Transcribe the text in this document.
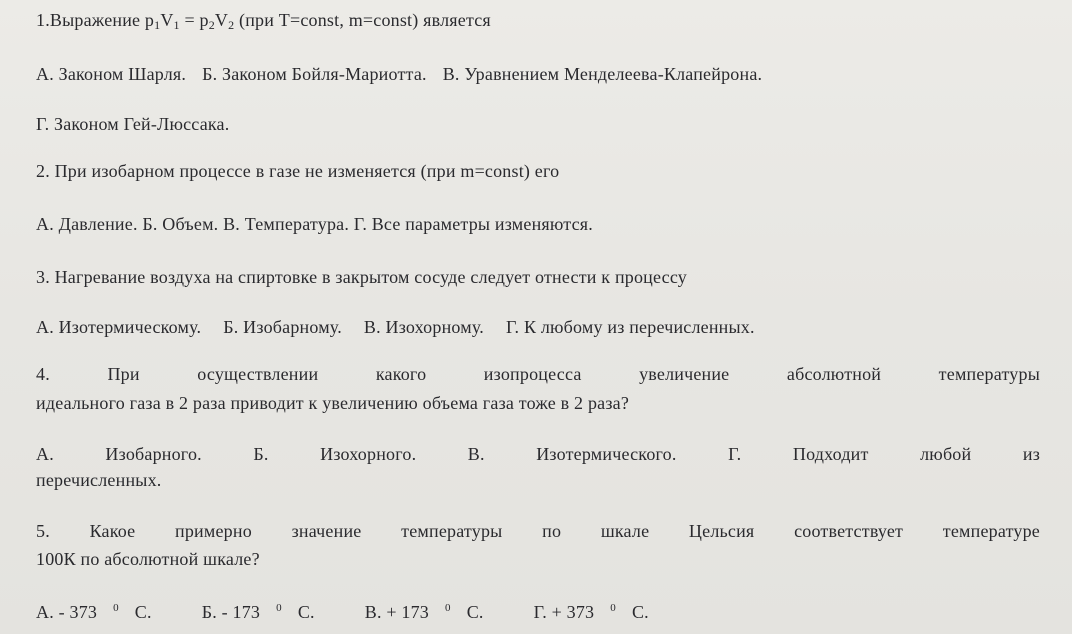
1.Выражение $p_1V_1 = p_2V_2$ (при T=const, m=const) является
А. Законом Шарля. Б. Законом Бойля-Мариотта. В. Уравнением Менделеева-Клапейрона.
Г. Законом Гей-Люссака.
2. При изобарном процессе в газе не изменяется (при m=const) его
А. Давление. Б. Объем. В. Температура. Г. Все параметры изменяются.
3. Нагревание воздуха на спиртовке в закрытом сосуде следует отнести к процессу
А. Изотермическому. Б. Изобарному. В. Изохорному. Г. К любому из перечисленных.
4. При осуществлении какого изопроцесса увеличение абсолютной температуры
идеального газа в 2 раза приводит к увеличению объема газа тоже в 2 раза?
А. Изобарного. Б. Изохорного. В. Изотермического. Г. Подходит любой из
перечисленных.
5. Какое примерно значение температуры по шкале Цельсия соответствует температуре
100К по абсолютной шкале?
А. - 373 $^0$ С.	Б. - 173 $^0$ С.	В. + 173 $^0$ С.	Г. + 373 $^0$ С.
